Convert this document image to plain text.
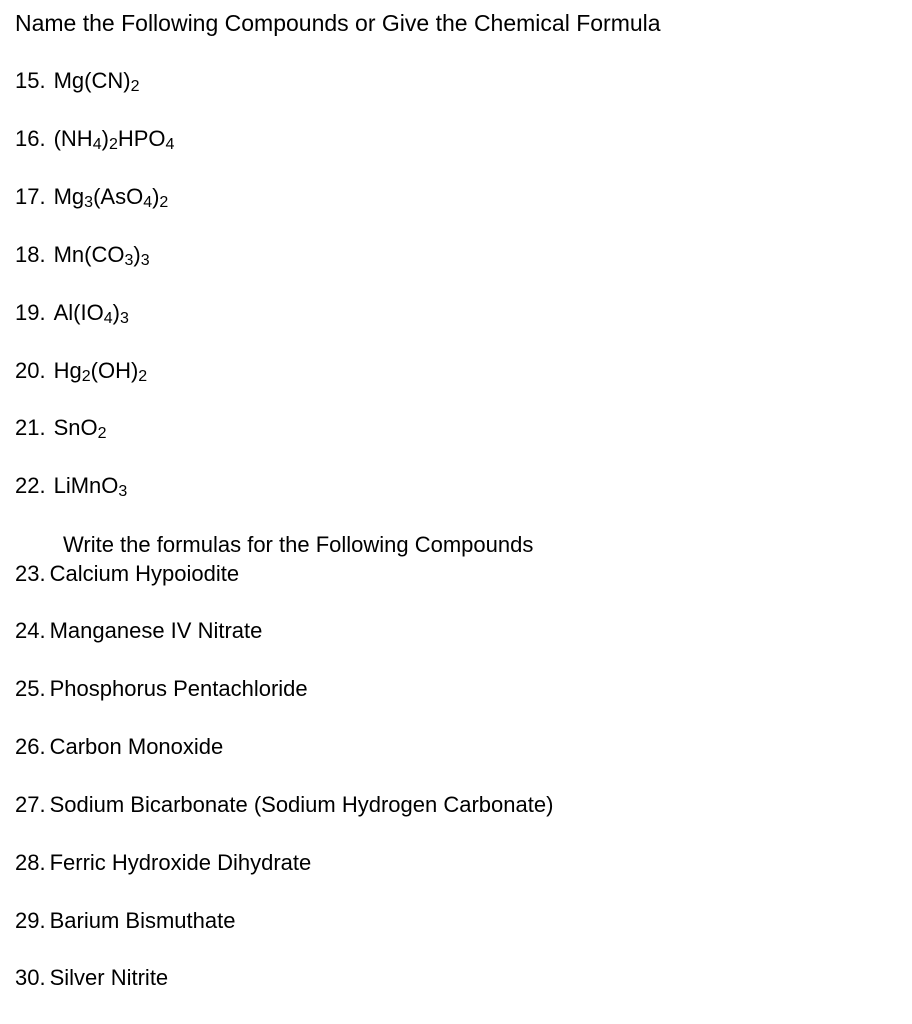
Name the Following Compounds or Give the Chemical Formula
15. $Mg(CN)_2$
16. $(NH_4)_2HPO_4$
17. $Mg_3(AsO_4)_2$
18. $Mn(CO_3)_3$
19. $Al(IO_4)_3$
20. $Hg_2(OH)_2$
21. SnO$_2$
22. LiMnO$_3$
Write the formulas for the Following Compounds
23. Calcium Hypoiodite
24. Manganese IV Nitrate
25. Phosphorus Pentachloride
26. Carbon Monoxide
27. Sodium Bicarbonate (Sodium Hydrogen Carbonate)
28. Ferric Hydroxide Dihydrate
29. Barium Bismuthate
30. Silver Nitrite
